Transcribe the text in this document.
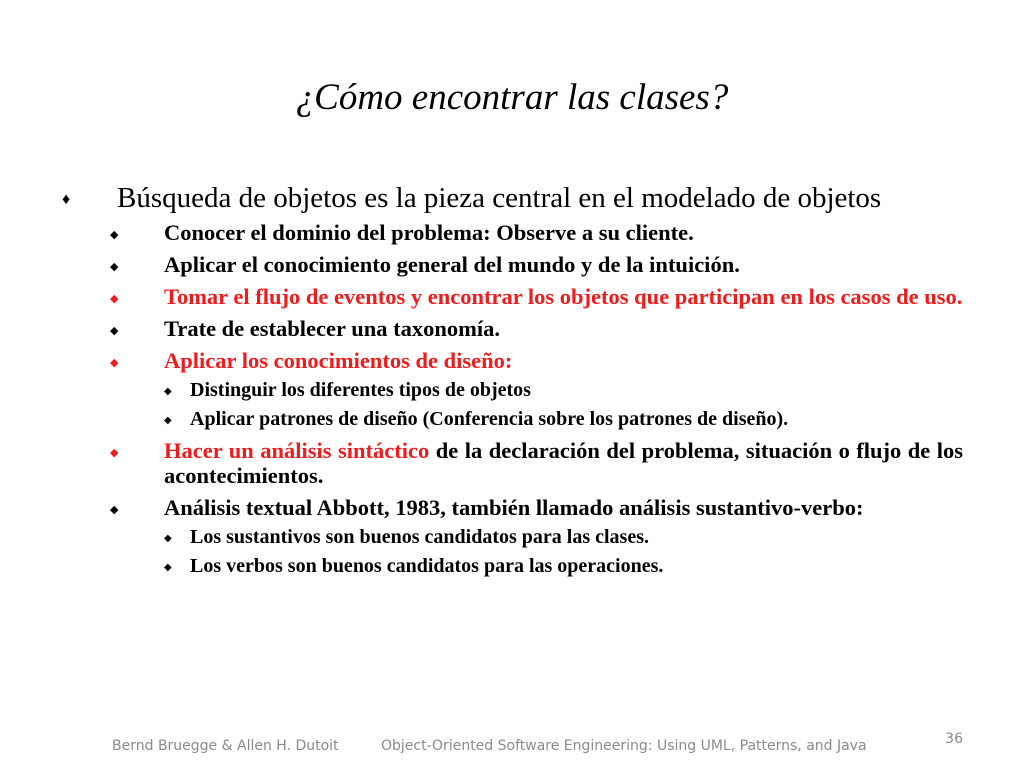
¿Cómo encontrar las clases?
♦	Búsqueda de objetos es la pieza central en el modelado de objetos
◆	Conocer el dominio del problema: Observe a su cliente.
◆	Aplicar el conocimiento general del mundo y de la intuición.
◆	Tomar el flujo de eventos y encontrar los objetos que participan en los casos de uso.
◆	Trate de establecer una taxonomía.
◆	Aplicar los conocimientos de diseño:
◆ Distinguir los diferentes tipos de objetos
◆ Aplicar patrones de diseño (Conferencia sobre los patrones de diseño).
◆	Hacer un análisis sintáctico de la declaración del problema, situación o flujo de los acontecimientos.
◆	Análisis textual Abbott, 1983, también llamado análisis sustantivo-verbo:
◆ Los sustantivos son buenos candidatos para las clases.
◆ Los verbos son buenos candidatos para las operaciones.
Bernd Bruegge & Allen H. Dutoit	Object-Oriented Software Engineering: Using UML, Patterns, and Java	36
